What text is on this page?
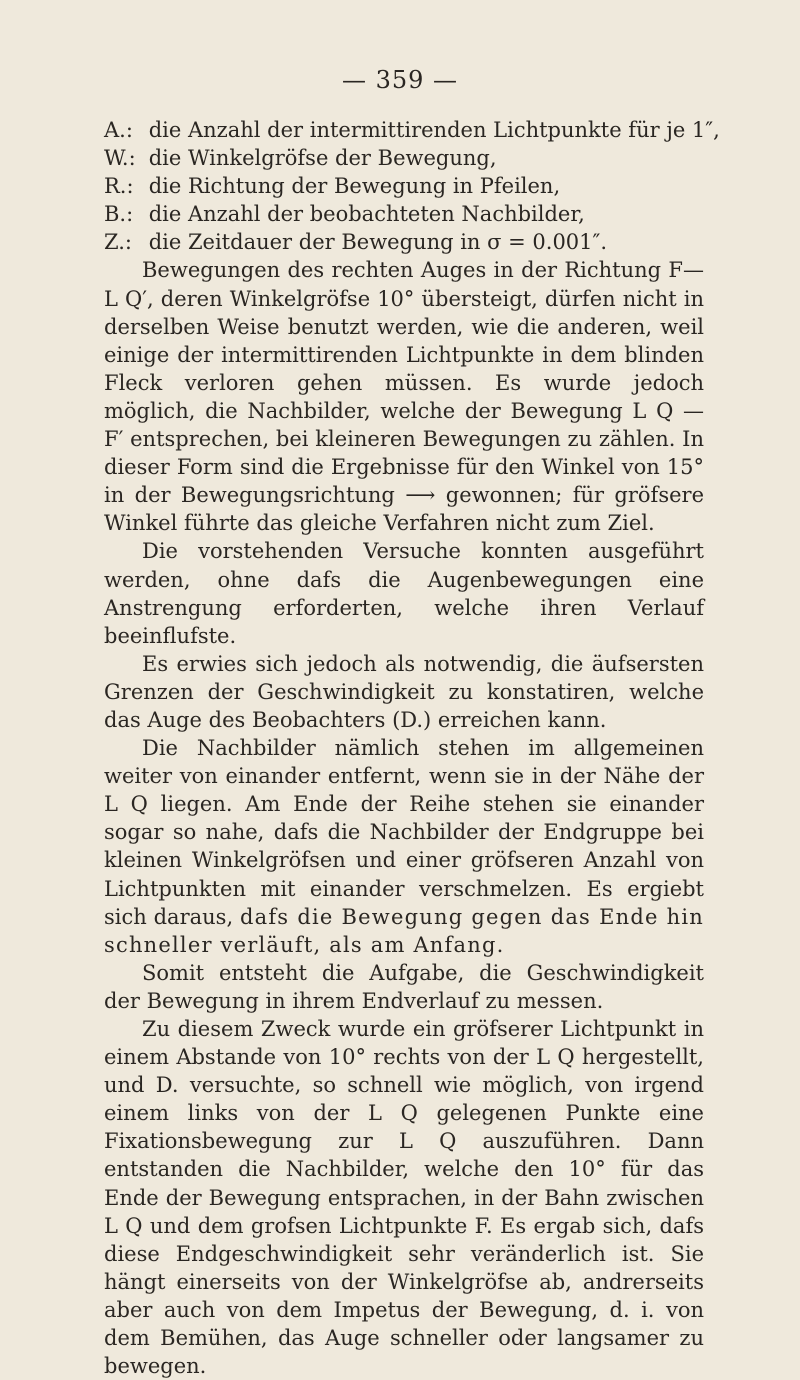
— 359 —
A.: die Anzahl der intermittirenden Lichtpunkte für je 1″,
W.: die Winkelgröfse der Bewegung,
R.: die Richtung der Bewegung in Pfeilen,
B.: die Anzahl der beobachteten Nachbilder,
Z.: die Zeitdauer der Bewegung in σ = 0.001″.

Bewegungen des rechten Auges in der Richtung F— L Q′, deren Winkelgröfse 10° übersteigt, dürfen nicht in derselben Weise benutzt werden, wie die anderen, weil einige der intermittirenden Lichtpunkte in dem blinden Fleck verloren gehen müssen. Es wurde jedoch möglich, die Nachbilder, welche der Bewegung L Q — F′ entsprechen, bei kleineren Bewegungen zu zählen. In dieser Form sind die Ergebnisse für den Winkel von 15° in der Bewegungsrichtung ⟶ gewonnen; für gröfsere Winkel führte das gleiche Verfahren nicht zum Ziel.

Die vorstehenden Versuche konnten ausgeführt werden, ohne dafs die Augenbewegungen eine Anstrengung erforderten, welche ihren Verlauf beeinflufste.

Es erwies sich jedoch als notwendig, die äufsersten Grenzen der Geschwindigkeit zu konstatiren, welche das Auge des Beobachters (D.) erreichen kann.

Die Nachbilder nämlich stehen im allgemeinen weiter von einander entfernt, wenn sie in der Nähe der L Q liegen. Am Ende der Reihe stehen sie einander sogar so nahe, dafs die Nachbilder der Endgruppe bei kleinen Winkelgröfsen und einer gröfseren Anzahl von Lichtpunkten mit einander verschmelzen. Es ergiebt sich daraus, dafs die Bewegung gegen das Ende hin schneller verläuft, als am Anfang.

Somit entsteht die Aufgabe, die Geschwindigkeit der Bewegung in ihrem Endverlauf zu messen.

Zu diesem Zweck wurde ein gröfserer Lichtpunkt in einem Abstande von 10° rechts von der L Q hergestellt, und D. versuchte, so schnell wie möglich, von irgend einem links von der L Q gelegenen Punkte eine Fixationsbewegung zur L Q auszuführen. Dann entstanden die Nachbilder, welche den 10° für das Ende der Bewegung entsprachen, in der Bahn zwischen L Q und dem grofsen Lichtpunkte F. Es ergab sich, dafs diese Endgeschwindigkeit sehr veränderlich ist. Sie hängt einerseits von der Winkelgröfse ab, andrerseits aber auch von dem Impetus der Bewegung, d. i. von dem Bemühen, das Auge schneller oder langsamer zu bewegen.
